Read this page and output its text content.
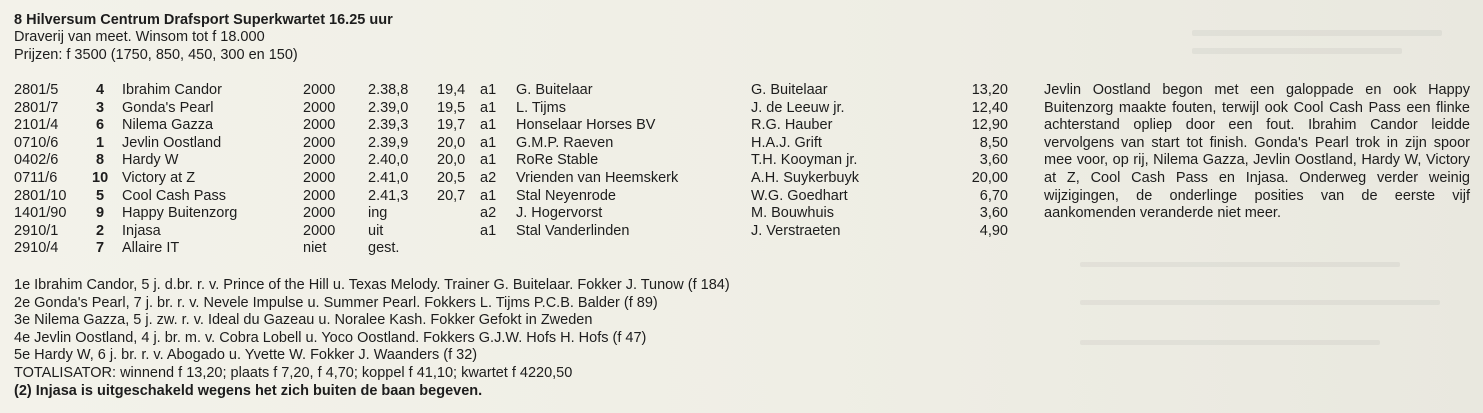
8 Hilversum Centrum Drafsport Superkwartet 16.25 uur
Draverij van meet. Winsom tot f 18.000
Prijzen: f 3500 (1750, 850, 450, 300 en 150)
2801/5	4 Ibrahim Candor	2000 2.38,8 19,4 a1 G. Buitelaar	G. Buitelaar	13,20
2801/7	3 Gonda's Pearl	2000 2.39,0 19,5 a1 L. Tijms	J. de Leeuw jr.	12,40
2101/4	6 Nilema Gazza	2000 2.39,3 19,7 a1 Honselaar Horses BV	R.G. Hauber	12,90
0710/6	1 Jevlin Oostland	2000 2.39,9 20,0 a1 G.M.P. Raeven	H.A.J. Grift	8,50
0402/6	8 Hardy W	2000 2.40,0 20,0 a1 RoRe Stable	T.H. Kooyman jr.	3,60
0711/6 10 Victory at Z	2000 2.41,0 20,5 a2 Vrienden van Heemskerk	A.H. Suykerbuyk	20,00
2801/10 5 Cool Cash Pass	2000 2.41,3 20,7 a1 Stal Neyenrode	W.G. Goedhart	6,70
1401/90 9 Happy Buitenzorg	2000 ing	a2 J. Hogervorst	M. Bouwhuis	3,60
2910/1	2 Injasa	2000 uit	a1 Stal Vanderlinden	J. Verstraeten	4,90
2910/4	7 Allaire IT	niet	gest.
Jevlin Oostland begon met een galoppade en ook Happy Buitenzorg maakte fouten, terwijl ook Cool Cash Pass een flinke achterstand opliep door een fout. Ibrahim Candor leidde vervolgens van start tot finish. Gonda's Pearl trok in zijn spoor mee voor, op rij, Nilema Gazza, Jevlin Oostland, Hardy W, Victory at Z, Cool Cash Pass en Injasa. Onderweg verder weinig wijzigingen, de onderlinge posities van de eerste vijf aankomenden veranderde niet meer.
1e Ibrahim Candor, 5 j. d.br. r. v. Prince of the Hill u. Texas Melody. Trainer G. Buitelaar. Fokker J. Tunow (f 184)
2e Gonda's Pearl, 7 j. br. r. v. Nevele Impulse u. Summer Pearl. Fokkers L. Tijms P.C.B. Balder (f 89)
3e Nilema Gazza, 5 j. zw. r. v. Ideal du Gazeau u. Noralee Kash. Fokker Gefokt in Zweden
4e Jevlin Oostland, 4 j. br. m. v. Cobra Lobell u. Yoco Oostland. Fokkers G.J.W. Hofs H. Hofs (f 47)
5e Hardy W, 6 j. br. r. v. Abogado u. Yvette W. Fokker J. Waanders (f 32)
TOTALISATOR: winnend f 13,20; plaats f 7,20, f 4,70; koppel f 41,10; kwartet f 4220,50
(2) Injasa is uitgeschakeld wegens het zich buiten de baan begeven.
